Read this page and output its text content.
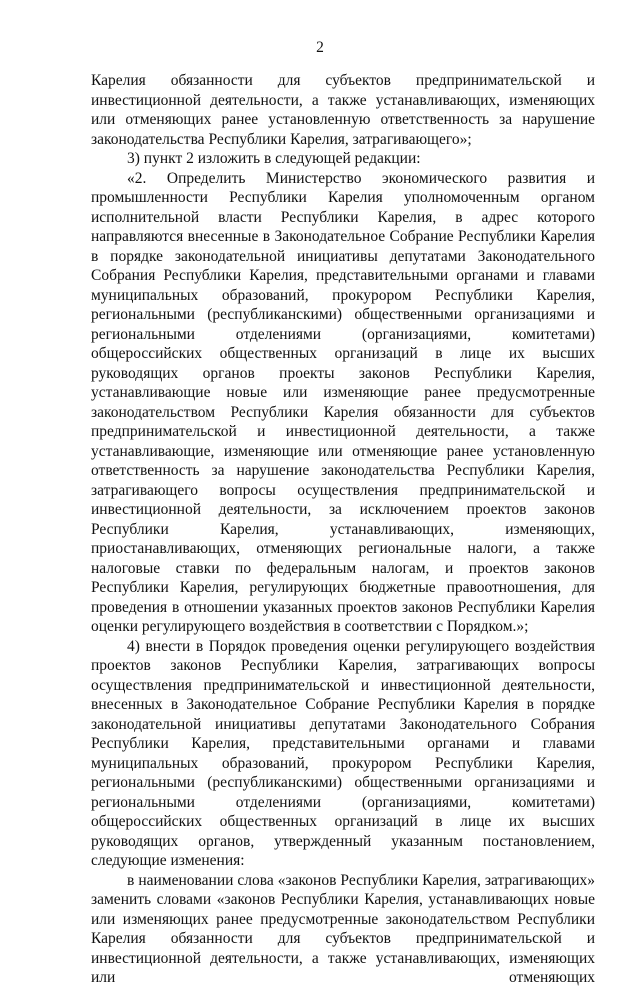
2

Карелия обязанности для субъектов предпринимательской и инвестиционной деятельности, а также устанавливающих, изменяющих или отменяющих ранее установленную ответственность за нарушение законодательства Республики Карелия, затрагивающего»;

3) пункт 2 изложить в следующей редакции:

«2. Определить Министерство экономического развития и промышленности Республики Карелия уполномоченным органом исполнительной власти Республики Карелия, в адрес которого направляются внесенные в Законодательное Собрание Республики Карелия в порядке законодательной инициативы депутатами Законодательного Собрания Республики Карелия, представительными органами и главами муниципальных образований, прокурором Республики Карелия, региональными (республиканскими) общественными организациями и региональными отделениями (организациями, комитетами) общероссийских общественных организаций в лице их высших руководящих органов проекты законов Республики Карелия, устанавливающие новые или изменяющие ранее предусмотренные законодательством Республики Карелия обязанности для субъектов предпринимательской и инвестиционной деятельности, а также устанавливающие, изменяющие или отменяющие ранее установленную ответственность за нарушение законодательства Республики Карелия, затрагивающего вопросы осуществления предпринимательской и инвестиционной деятельности, за исключением проектов законов Республики Карелия, устанавливающих, изменяющих, приостанавливающих, отменяющих региональные налоги, а также налоговые ставки по федеральным налогам, и проектов законов Республики Карелия, регулирующих бюджетные правоотношения, для проведения в отношении указанных проектов законов Республики Карелия оценки регулирующего воздействия в соответствии с Порядком.»;

4) внести в Порядок проведения оценки регулирующего воздействия проектов законов Республики Карелия, затрагивающих вопросы осуществления предпринимательской и инвестиционной деятельности, внесенных в Законодательное Собрание Республики Карелия в порядке законодательной инициативы депутатами Законодательного Собрания Республики Карелия, представительными органами и главами муниципальных образований, прокурором Республики Карелия, региональными (республиканскими) общественными организациями и региональными отделениями (организациями, комитетами) общероссийских общественных организаций в лице их высших руководящих органов, утвержденный указанным постановлением, следующие изменения:

в наименовании слова «законов Республики Карелия, затрагивающих» заменить словами «законов Республики Карелия, устанавливающих новые или изменяющих ранее предусмотренные законодательством Республики Карелия обязанности для субъектов предпринимательской и инвестиционной деятельности, а также устанавливающих, изменяющих или отменяющих
